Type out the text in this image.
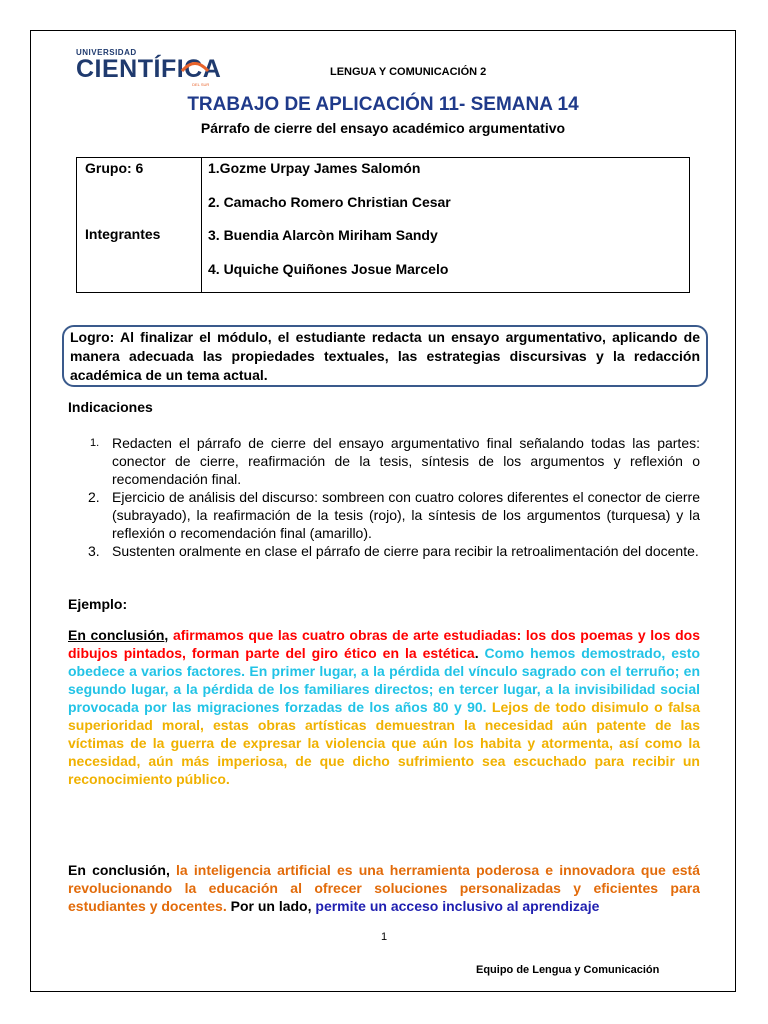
UNIVERSIDAD
CIENTÍFICA
DEL SUR
LENGUA Y COMUNICACIÓN 2
TRABAJO DE APLICACIÓN 11- SEMANA 14
Párrafo de cierre del ensayo académico argumentativo
Grupo: 6
Integrantes

1.Gozme Urpay James Salomón
2. Camacho Romero Christian Cesar
3. Buendia Alarcòn Miriham Sandy
4. Uquiche Quiñones Josue Marcelo
Logro: Al finalizar el módulo, el estudiante redacta un ensayo argumentativo, aplicando de manera adecuada las propiedades textuales, las estrategias discursivas y la redacción académica de un tema actual.
Indicaciones
1. Redacten el párrafo de cierre del ensayo argumentativo final señalando todas las partes: conector de cierre, reafirmación de la tesis, síntesis de los argumentos y reflexión o recomendación final.
2. Ejercicio de análisis del discurso: sombreen con cuatro colores diferentes el conector de cierre (subrayado), la reafirmación de la tesis (rojo), la síntesis de los argumentos (turquesa) y la reflexión o recomendación final (amarillo).
3. Sustenten oralmente en clase el párrafo de cierre para recibir la retroalimentación del docente.
Ejemplo:
En conclusión, afirmamos que las cuatro obras de arte estudiadas: los dos poemas y los dos dibujos pintados, forman parte del giro ético en la estética. Como hemos demostrado, esto obedece a varios factores. En primer lugar, a la pérdida del vínculo sagrado con el terruño; en segundo lugar, a la pérdida de los familiares directos; en tercer lugar, a la invisibilidad social provocada por las migraciones forzadas de los años 80 y 90. Lejos de todo disimulo o falsa superioridad moral, estas obras artísticas demuestran la necesidad aún patente de las víctimas de la guerra de expresar la violencia que aún los habita y atormenta, así como la necesidad, aún más imperiosa, de que dicho sufrimiento sea escuchado para recibir un reconocimiento público.
En conclusión, la inteligencia artificial es una herramienta poderosa e innovadora que está revolucionando la educación al ofrecer soluciones personalizadas y eficientes para estudiantes y docentes. Por un lado, permite un acceso inclusivo al aprendizaje
1
Equipo de Lengua y Comunicación
